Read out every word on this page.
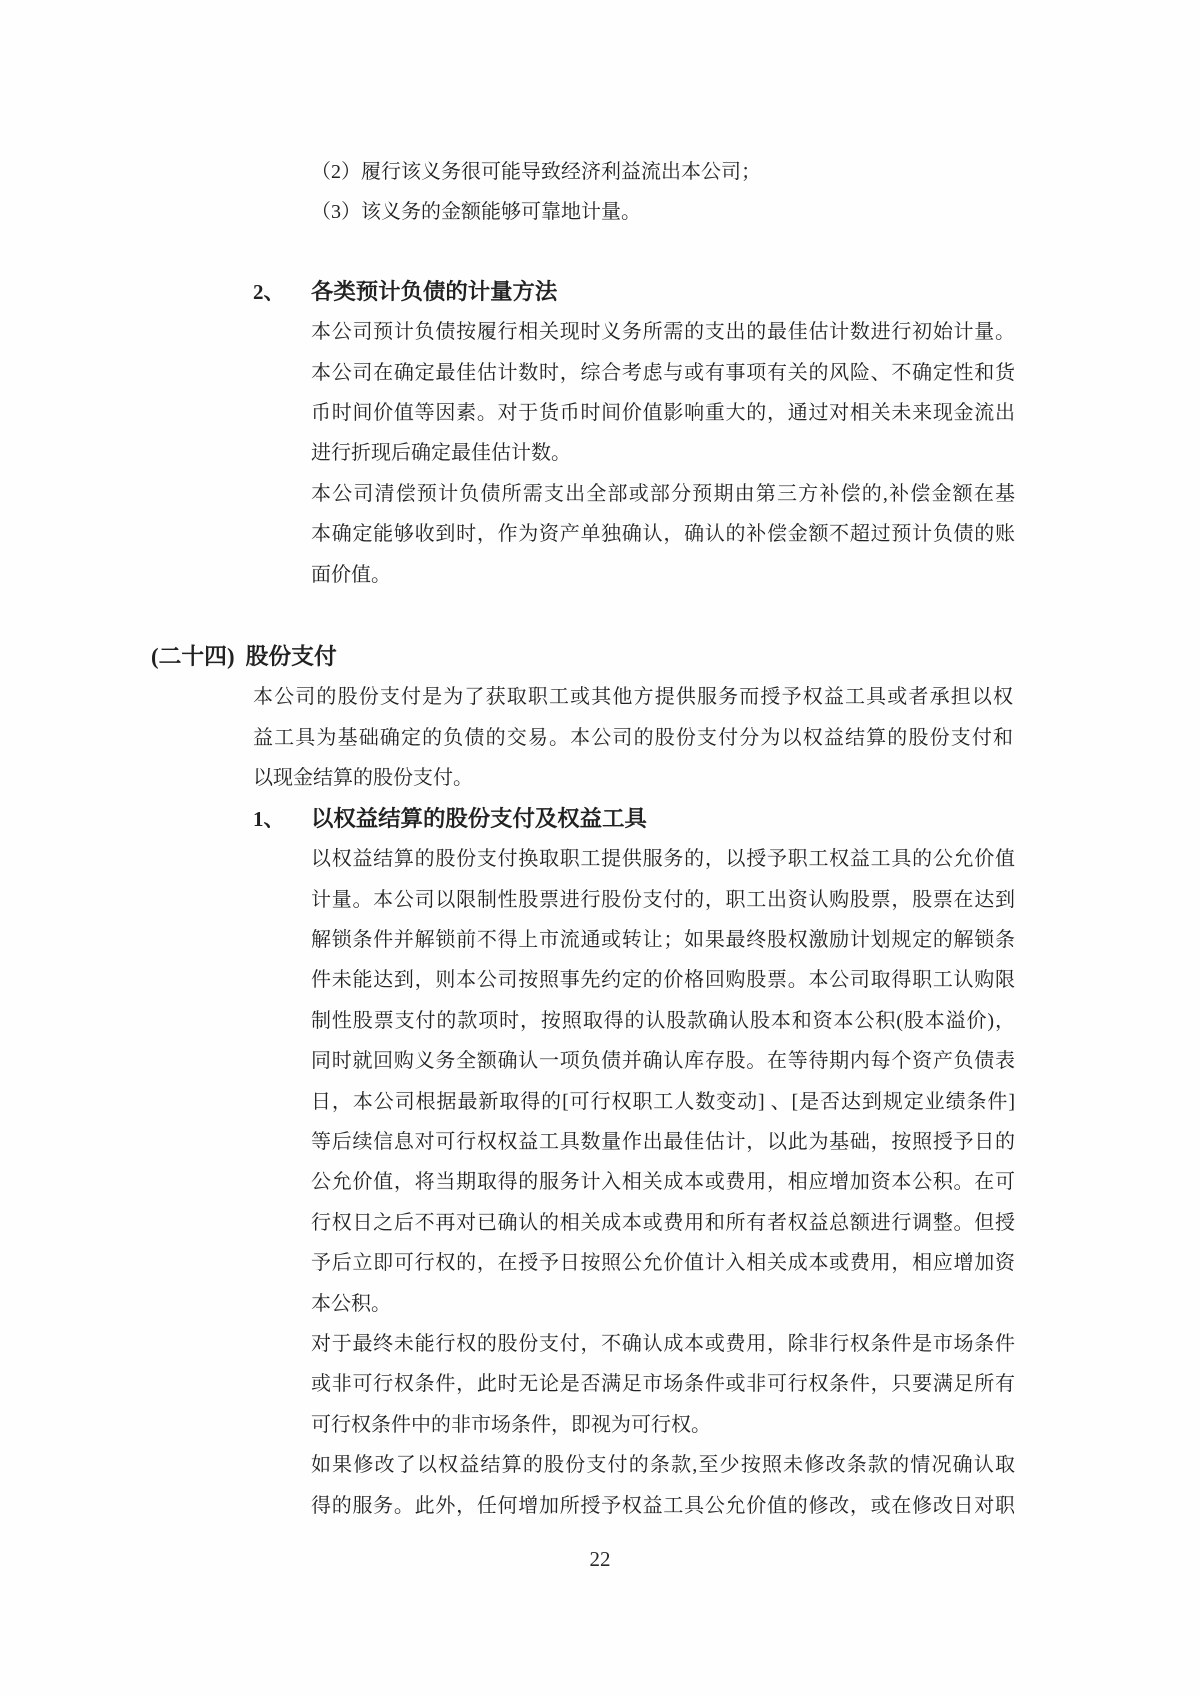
（2）履行该义务很可能导致经济利益流出本公司；
（3）该义务的金额能够可靠地计量。
2、 各类预计负债的计量方法
本公司预计负债按履行相关现时义务所需的支出的最佳估计数进行初始计量。
本公司在确定最佳估计数时，综合考虑与或有事项有关的风险、不确定性和货
币时间价值等因素。对于货币时间价值影响重大的，通过对相关未来现金流出
进行折现后确定最佳估计数。
本公司清偿预计负债所需支出全部或部分预期由第三方补偿的,补偿金额在基
本确定能够收到时，作为资产单独确认，确认的补偿金额不超过预计负债的账
面价值。
(二十四) 股份支付
本公司的股份支付是为了获取职工或其他方提供服务而授予权益工具或者承担以权
益工具为基础确定的负债的交易。本公司的股份支付分为以权益结算的股份支付和
以现金结算的股份支付。
1、 以权益结算的股份支付及权益工具
以权益结算的股份支付换取职工提供服务的，以授予职工权益工具的公允价值
计量。本公司以限制性股票进行股份支付的，职工出资认购股票，股票在达到
解锁条件并解锁前不得上市流通或转让；如果最终股权激励计划规定的解锁条
件未能达到，则本公司按照事先约定的价格回购股票。本公司取得职工认购限
制性股票支付的款项时，按照取得的认股款确认股本和资本公积(股本溢价)，
同时就回购义务全额确认一项负债并确认库存股。在等待期内每个资产负债表
日，本公司根据最新取得的[可行权职工人数变动] 、[是否达到规定业绩条件]
等后续信息对可行权权益工具数量作出最佳估计，以此为基础，按照授予日的
公允价值，将当期取得的服务计入相关成本或费用，相应增加资本公积。在可
行权日之后不再对已确认的相关成本或费用和所有者权益总额进行调整。但授
予后立即可行权的，在授予日按照公允价值计入相关成本或费用，相应增加资
本公积。
对于最终未能行权的股份支付，不确认成本或费用，除非行权条件是市场条件
或非可行权条件，此时无论是否满足市场条件或非可行权条件，只要满足所有
可行权条件中的非市场条件，即视为可行权。
如果修改了以权益结算的股份支付的条款,至少按照未修改条款的情况确认取
得的服务。此外，任何增加所授予权益工具公允价值的修改，或在修改日对职
22
